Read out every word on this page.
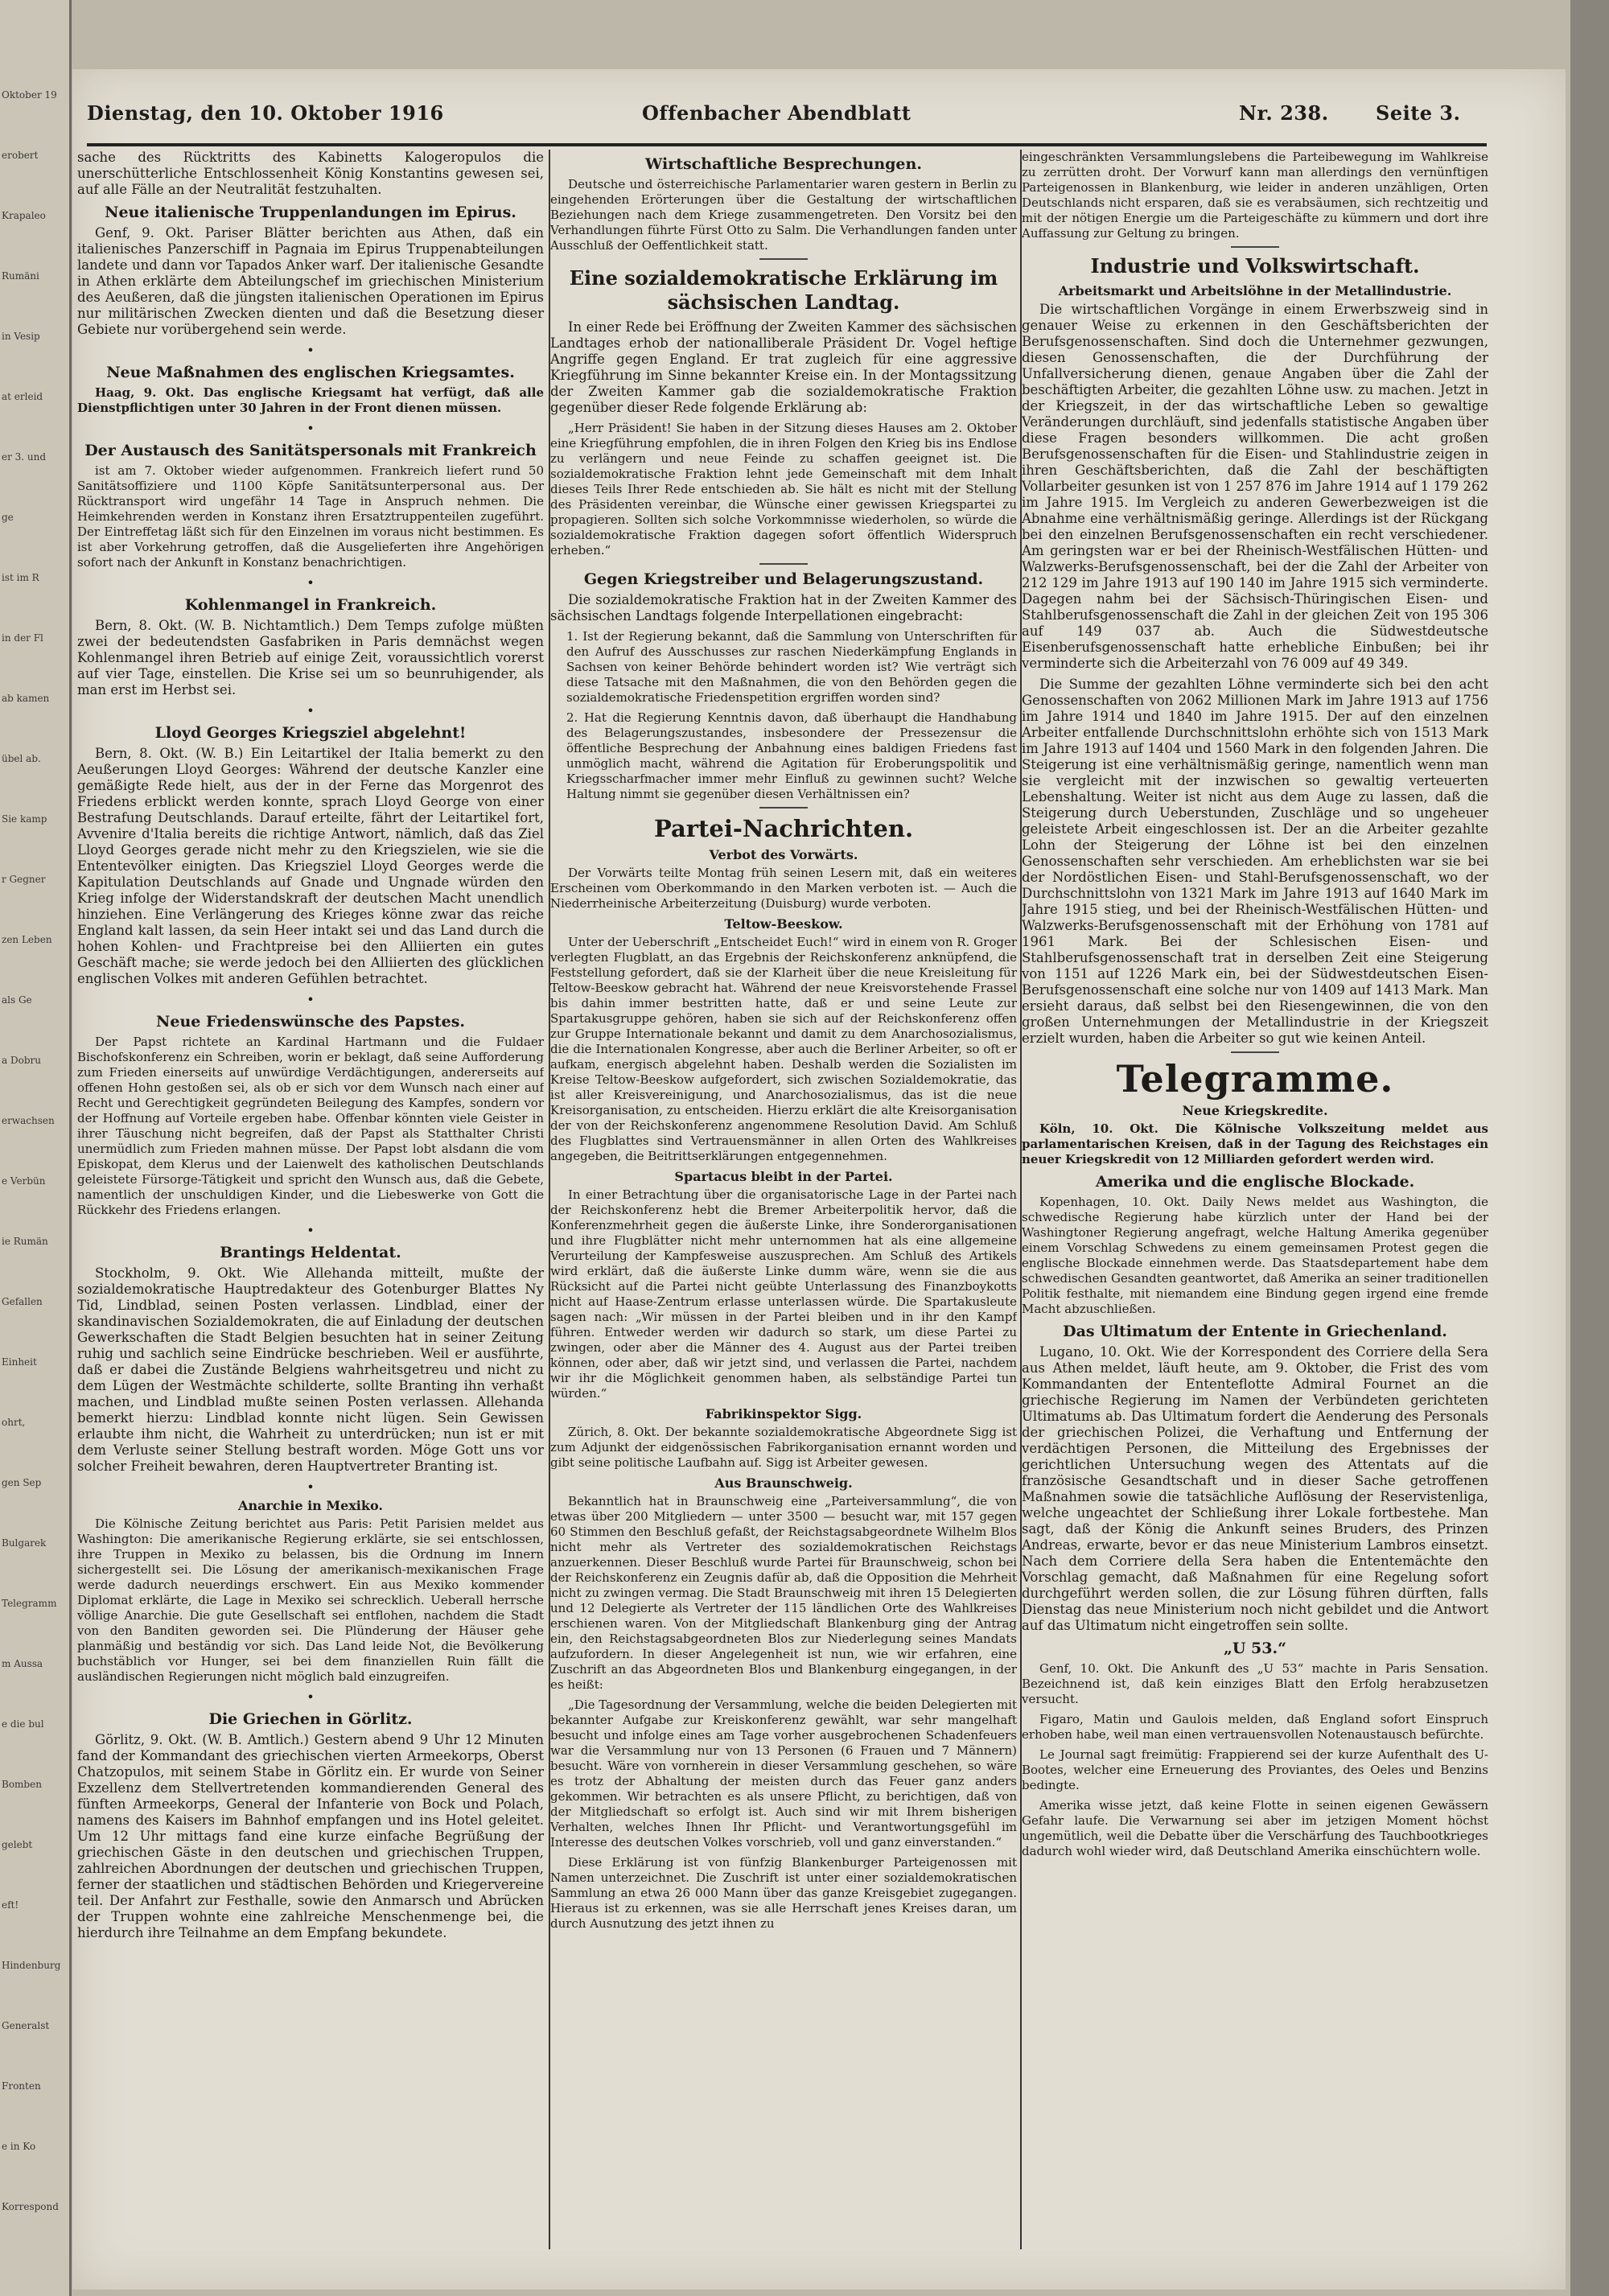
Oktober 19
erobert
Krapaleo
Rumäni
in Vesip
at erleid
er 3. und
ge
ist im R
in der Fl
ab kamen
übel ab.
Sie kamp
r Gegner
zen Leben
als Ge
a Dobru
erwachsen
e Verbün
ie Rumän
Gefallen
Einheit
ohrt,
gen Sep
Bulgarek
Telegramm
m Aussa
e die bul
Bomben
gelebt
eft!
Hindenburg
Generalst
Fronten
e in Ko
Korrespond
Dienstag, den 10. Oktober 1916	Offenbacher Abendblatt	Nr. 238. Seite 3.

sache des Rücktritts des Kabinetts Kalogeropulos die unerschütterliche Entschlossenheit König Konstantins gewesen sei, auf alle Fälle an der Neutralität festzuhalten.

Neue italienische Truppenlandungen im Epirus.

Genf, 9. Okt. Pariser Blätter berichten aus Athen, daß ein italienisches Panzerschiff in Pagnaia im Epirus Truppenabteilungen landete und dann vor Tapados Anker warf. Der italienische Gesandte in Athen erklärte dem Abteilungschef im griechischen Ministerium des Aeußeren, daß die jüngsten italienischen Operationen im Epirus nur militärischen Zwecken dienten und daß die Besetzung dieser Gebiete nur vorübergehend sein werde.

•
Neue Maßnahmen des englischen Kriegsamtes.

Haag, 9. Okt. Das englische Kriegsamt hat verfügt, daß alle Dienstpflichtigen unter 30 Jahren in der Front dienen müssen.

•
Der Austausch des Sanitätspersonals mit Frankreich

ist am 7. Oktober wieder aufgenommen. Frankreich liefert rund 50 Sanitätsoffiziere und 1100 Köpfe Sanitätsunterpersonal aus. Der Rücktransport wird ungefähr 14 Tage in Anspruch nehmen. Die Heimkehrenden werden in Konstanz ihren Ersatztruppenteilen zugeführt. Der Eintreffetag läßt sich für den Einzelnen im voraus nicht bestimmen. Es ist aber Vorkehrung getroffen, daß die Ausgelieferten ihre Angehörigen sofort nach der Ankunft in Konstanz benachrichtigen.

•
Kohlenmangel in Frankreich.

Bern, 8. Okt. (W. B. Nichtamtlich.) Dem Temps zufolge müßten zwei der bedeutendsten Gasfabriken in Paris demnächst wegen Kohlenmangel ihren Betrieb auf einige Zeit, voraussichtlich vorerst auf vier Tage, einstellen. Die Krise sei um so beunruhigender, als man erst im Herbst sei.

•
Lloyd Georges Kriegsziel abgelehnt!

Bern, 8. Okt. (W. B.) Ein Leitartikel der Italia bemerkt zu den Aeußerungen Lloyd Georges: Während der deutsche Kanzler eine gemäßigte Rede hielt, aus der in der Ferne das Morgenrot des Friedens erblickt werden konnte, sprach Lloyd George von einer Bestrafung Deutschlands. Darauf erteilte, fährt der Leitartikel fort, Avvenire d'Italia bereits die richtige Antwort, nämlich, daß das Ziel Lloyd Georges gerade nicht mehr zu den Kriegszielen, wie sie die Ententevölker einigten. Das Kriegsziel Lloyd Georges werde die Kapitulation Deutschlands auf Gnade und Ungnade würden den Krieg infolge der Widerstandskraft der deutschen Macht unendlich hinziehen. Eine Verlängerung des Krieges könne zwar das reiche England kalt lassen, da sein Heer intakt sei und das Land durch die hohen Kohlen- und Frachtpreise bei den Alliierten ein gutes Geschäft mache; sie werde jedoch bei den Alliierten des glücklichen englischen Volkes mit anderen Gefühlen betrachtet.

•
Neue Friedenswünsche des Papstes.

Der Papst richtete an Kardinal Hartmann und die Fuldaer Bischofskonferenz ein Schreiben, worin er beklagt, daß seine Aufforderung zum Frieden einerseits auf unwürdige Verdächtigungen, andererseits auf offenen Hohn gestoßen sei, als ob er sich vor dem Wunsch nach einer auf Recht und Gerechtigkeit gegründeten Beilegung des Kampfes, sondern vor der Hoffnung auf Vorteile ergeben habe. Offenbar könnten viele Geister in ihrer Täuschung nicht begreifen, daß der Papst als Statthalter Christi unermüdlich zum Frieden mahnen müsse. Der Papst lobt alsdann die vom Episkopat, dem Klerus und der Laienwelt des katholischen Deutschlands geleistete Fürsorge-Tätigkeit und spricht den Wunsch aus, daß die Gebete, namentlich der unschuldigen Kinder, und die Liebeswerke von Gott die Rückkehr des Friedens erlangen.

•
Brantings Heldentat.

Stockholm, 9. Okt. Wie Allehanda mitteilt, mußte der sozialdemokratische Hauptredakteur des Gotenburger Blattes Ny Tid, Lindblad, seinen Posten verlassen. Lindblad, einer der skandinavischen Sozialdemokraten, die auf Einladung der deutschen Gewerkschaften die Stadt Belgien besuchten hat in seiner Zeitung ruhig und sachlich seine Eindrücke beschrieben. Weil er ausführte, daß er dabei die Zustände Belgiens wahrheitsgetreu und nicht zu dem Lügen der Westmächte schilderte, sollte Branting ihn verhaßt machen, und Lindblad mußte seinen Posten verlassen. Allehanda bemerkt hierzu: Lindblad konnte nicht lügen. Sein Gewissen erlaubte ihm nicht, die Wahrheit zu unterdrücken; nun ist er mit dem Verluste seiner Stellung bestraft worden. Möge Gott uns vor solcher Freiheit bewahren, deren Hauptvertreter Branting ist.

•
Anarchie in Mexiko.

Die Kölnische Zeitung berichtet aus Paris: Petit Parisien meldet aus Washington: Die amerikanische Regierung erklärte, sie sei entschlossen, ihre Truppen in Mexiko zu belassen, bis die Ordnung im Innern sichergestellt sei. Die Lösung der amerikanisch-mexikanischen Frage werde dadurch neuerdings erschwert. Ein aus Mexiko kommender Diplomat erklärte, die Lage in Mexiko sei schrecklich. Ueberall herrsche völlige Anarchie. Die gute Gesellschaft sei entflohen, nachdem die Stadt von den Banditen geworden sei. Die Plünderung der Häuser gehe planmäßig und beständig vor sich. Das Land leide Not, die Bevölkerung buchstäblich vor Hunger, sei bei dem finanziellen Ruin fällt die ausländischen Regierungen nicht möglich bald einzugreifen.

•
Die Griechen in Görlitz.

Görlitz, 9. Okt. (W. B. Amtlich.) Gestern abend 9 Uhr 12 Minuten fand der Kommandant des griechischen vierten Armeekorps, Oberst Chatzopulos, mit seinem Stabe in Görlitz ein. Er wurde von Seiner Exzellenz dem Stellvertretenden kommandierenden General des fünften Armeekorps, General der Infanterie von Bock und Polach, namens des Kaisers im Bahnhof empfangen und ins Hotel geleitet. Um 12 Uhr mittags fand eine kurze einfache Begrüßung der griechischen Gäste in den deutschen und griechischen Truppen, zahlreichen Abordnungen der deutschen und griechischen Truppen, ferner der staatlichen und städtischen Behörden und Kriegervereine teil. Der Anfahrt zur Festhalle, sowie den Anmarsch und Abrücken der Truppen wohnte eine zahlreiche Menschenmenge bei, die hierdurch ihre Teilnahme an dem Empfang bekundete.

Wirtschaftliche Besprechungen.

Deutsche und österreichische Parlamentarier waren gestern in Berlin zu eingehenden Erörterungen über die Gestaltung der wirtschaftlichen Beziehungen nach dem Kriege zusammengetreten. Den Vorsitz bei den Verhandlungen führte Fürst Otto zu Salm. Die Verhandlungen fanden unter Ausschluß der Oeffentlichkeit statt.

Eine sozialdemokratische Erklärung im sächsischen Landtag.

In einer Rede bei Eröffnung der Zweiten Kammer des sächsischen Landtages erhob der nationalliberale Präsident Dr. Vogel heftige Angriffe gegen England. Er trat zugleich für eine aggressive Kriegführung im Sinne bekannter Kreise ein. In der Montagssitzung der Zweiten Kammer gab die sozialdemokratische Fraktion gegenüber dieser Rede folgende Erklärung ab:

„Herr Präsident! Sie haben in der Sitzung dieses Hauses am 2. Oktober eine Kriegführung empfohlen, die in ihren Folgen den Krieg bis ins Endlose zu verlängern und neue Feinde zu schaffen geeignet ist. Die sozialdemokratische Fraktion lehnt jede Gemeinschaft mit dem Inhalt dieses Teils Ihrer Rede entschieden ab. Sie hält es nicht mit der Stellung des Präsidenten vereinbar, die Wünsche einer gewissen Kriegspartei zu propagieren. Sollten sich solche Vorkommnisse wiederholen, so würde die sozialdemokratische Fraktion dagegen sofort öffentlich Widerspruch erheben.“

Gegen Kriegstreiber und Belagerungszustand.

Die sozialdemokratische Fraktion hat in der Zweiten Kammer des sächsischen Landtags folgende Interpellationen eingebracht:

1. Ist der Regierung bekannt, daß die Sammlung von Unterschriften für den Aufruf des Ausschusses zur raschen Niederkämpfung Englands in Sachsen von keiner Behörde behindert worden ist? Wie verträgt sich diese Tatsache mit den Maßnahmen, die von den Behörden gegen die sozialdemokratische Friedenspetition ergriffen worden sind?

2. Hat die Regierung Kenntnis davon, daß überhaupt die Handhabung des Belagerungszustandes, insbesondere der Pressezensur die öffentliche Besprechung der Anbahnung eines baldigen Friedens fast unmöglich macht, während die Agitation für Eroberungspolitik und Kriegsscharfmacher immer mehr Einfluß zu gewinnen sucht? Welche Haltung nimmt sie gegenüber diesen Verhältnissen ein?

Partei-Nachrichten.
Verbot des Vorwärts.

Der Vorwärts teilte Montag früh seinen Lesern mit, daß ein weiteres Erscheinen vom Oberkommando in den Marken verboten ist. — Auch die Niederrheinische Arbeiterzeitung (Duisburg) wurde verboten.

Teltow-Beeskow.

Unter der Ueberschrift „Entscheidet Euch!“ wird in einem von R. Groger verlegten Flugblatt, an das Ergebnis der Reichskonferenz anknüpfend, die Feststellung gefordert, daß sie der Klarheit über die neue Kreisleitung für Teltow-Beeskow gebracht hat. Während der neue Kreisvorstehende Frassel bis dahin immer bestritten hatte, daß er und seine Leute zur Spartakusgruppe gehören, haben sie sich auf der Reichskonferenz offen zur Gruppe Internationale bekannt und damit zu dem Anarchosozialismus, die die Internationalen Kongresse, aber auch die Berliner Arbeiter, so oft er aufkam, energisch abgelehnt haben. Deshalb werden die Sozialisten im Kreise Teltow-Beeskow aufgefordert, sich zwischen Sozialdemokratie, das ist aller Kreisvereinigung, und Anarchosozialismus, das ist die neue Kreisorganisation, zu entscheiden. Hierzu erklärt die alte Kreisorganisation der von der Reichskonferenz angenommene Resolution David. Am Schluß des Flugblattes sind Vertrauensmänner in allen Orten des Wahlkreises angegeben, die Beitrittserklärungen entgegennehmen.

Spartacus bleibt in der Partei.

In einer Betrachtung über die organisatorische Lage in der Partei nach der Reichskonferenz hebt die Bremer Arbeiterpolitik hervor, daß die Konferenzmehrheit gegen die äußerste Linke, ihre Sonderorganisationen und ihre Flugblätter nicht mehr unternommen hat als eine allgemeine Verurteilung der Kampfesweise auszusprechen. Am Schluß des Artikels wird erklärt, daß die äußerste Linke dumm wäre, wenn sie die aus Rücksicht auf die Partei nicht geübte Unterlassung des Finanzboykotts nicht auf Haase-Zentrum erlasse unterlassen würde. Die Spartakusleute sagen nach: „Wir müssen in der Partei bleiben und in ihr den Kampf führen. Entweder werden wir dadurch so stark, um diese Partei zu zwingen, oder aber die Männer des 4. August aus der Partei treiben können, oder aber, daß wir jetzt sind, und verlassen die Partei, nachdem wir ihr die Möglichkeit genommen haben, als selbständige Partei tun würden.“

Fabrikinspektor Sigg.

Zürich, 8. Okt. Der bekannte sozialdemokratische Abgeordnete Sigg ist zum Adjunkt der eidgenössischen Fabrikorganisation ernannt worden und gibt seine politische Laufbahn auf. Sigg ist Arbeiter gewesen.

Aus Braunschweig.

Bekanntlich hat in Braunschweig eine „Parteiversammlung“, die von etwas über 200 Mitgliedern — unter 3500 — besucht war, mit 157 gegen 60 Stimmen den Beschluß gefaßt, der Reichstagsabgeordnete Wilhelm Blos nicht mehr als Vertreter des sozialdemokratischen Reichstags anzuerkennen. Dieser Beschluß wurde Partei für Braunschweig, schon bei der Reichskonferenz ein Zeugnis dafür ab, daß die Opposition die Mehrheit nicht zu zwingen vermag. Die Stadt Braunschweig mit ihren 15 Delegierten und 12 Delegierte als Vertreter der 115 ländlichen Orte des Wahlkreises erschienen waren. Von der Mitgliedschaft Blankenburg ging der Antrag ein, den Reichstagsabgeordneten Blos zur Niederlegung seines Mandats aufzufordern. In dieser Angelegenheit ist nun, wie wir erfahren, eine Zuschrift an das Abgeordneten Blos und Blankenburg eingegangen, in der es heißt:

„Die Tagesordnung der Versammlung, welche die beiden Delegierten mit bekannter Aufgabe zur Kreiskonferenz gewählt, war sehr mangelhaft besucht und infolge eines am Tage vorher ausgebrochenen Schadenfeuers war die Versammlung nur von 13 Personen (6 Frauen und 7 Männern) besucht. Wäre von vornherein in dieser Versammlung geschehen, so wäre es trotz der Abhaltung der meisten durch das Feuer ganz anders gekommen. Wir betrachten es als unsere Pflicht, zu berichtigen, daß von der Mitgliedschaft so erfolgt ist. Auch sind wir mit Ihrem bisherigen Verhalten, welches Ihnen Ihr Pflicht- und Verantwortungsgefühl im Interesse des deutschen Volkes vorschrieb, voll und ganz einverstanden.“

Diese Erklärung ist von fünfzig Blankenburger Parteigenossen mit Namen unterzeichnet. Die Zuschrift ist unter einer sozialdemokratischen Sammlung an etwa 26 000 Mann über das ganze Kreisgebiet zugegangen. Hieraus ist zu erkennen, was sie alle Herrschaft jenes Kreises daran, um durch Ausnutzung des jetzt ihnen zu

eingeschränkten Versammlungslebens die Parteibewegung im Wahlkreise zu zerrütten droht. Der Vorwurf kann man allerdings den vernünftigen Parteigenossen in Blankenburg, wie leider in anderen unzähligen, Orten Deutschlands nicht ersparen, daß sie es verabsäumen, sich rechtzeitig und mit der nötigen Energie um die Parteigeschäfte zu kümmern und dort ihre Auffassung zur Geltung zu bringen.

Industrie und Volkswirtschaft.
Arbeitsmarkt und Arbeitslöhne in der Metallindustrie.

Die wirtschaftlichen Vorgänge in einem Erwerbszweig sind in genauer Weise zu erkennen in den Geschäftsberichten der Berufsgenossenschaften. Sind doch die Unternehmer gezwungen, diesen Genossenschaften, die der Durchführung der Unfallversicherung dienen, genaue Angaben über die Zahl der beschäftigten Arbeiter, die gezahlten Löhne usw. zu machen. Jetzt in der Kriegszeit, in der das wirtschaftliche Leben so gewaltige Veränderungen durchläuft, sind jedenfalls statistische Angaben über diese Fragen besonders willkommen. Die acht großen Berufsgenossenschaften für die Eisen- und Stahlindustrie zeigen in ihren Geschäftsberichten, daß die Zahl der beschäftigten Vollarbeiter gesunken ist von 1 257 876 im Jahre 1914 auf 1 179 262 im Jahre 1915. Im Vergleich zu anderen Gewerbezweigen ist die Abnahme eine verhältnismäßig geringe. Allerdings ist der Rückgang bei den einzelnen Berufsgenossenschaften ein recht verschiedener. Am geringsten war er bei der Rheinisch-Westfälischen Hütten- und Walzwerks-Berufsgenossenschaft, bei der die Zahl der Arbeiter von 212 129 im Jahre 1913 auf 190 140 im Jahre 1915 sich verminderte. Dagegen nahm bei der Sächsisch-Thüringischen Eisen- und Stahlberufsgenossenschaft die Zahl in der gleichen Zeit von 195 306 auf 149 037 ab. Auch die Südwestdeutsche Eisenberufsgenossenschaft hatte erhebliche Einbußen; bei ihr verminderte sich die Arbeiterzahl von 76 009 auf 49 349.

Die Summe der gezahlten Löhne verminderte sich bei den acht Genossenschaften von 2062 Millionen Mark im Jahre 1913 auf 1756 im Jahre 1914 und 1840 im Jahre 1915. Der auf den einzelnen Arbeiter entfallende Durchschnittslohn erhöhte sich von 1513 Mark im Jahre 1913 auf 1404 und 1560 Mark in den folgenden Jahren. Die Steigerung ist eine verhältnismäßig geringe, namentlich wenn man sie vergleicht mit der inzwischen so gewaltig verteuerten Lebenshaltung. Weiter ist nicht aus dem Auge zu lassen, daß die Steigerung durch Ueberstunden, Zuschläge und so ungeheuer geleistete Arbeit eingeschlossen ist. Der an die Arbeiter gezahlte Lohn der Steigerung der Löhne ist bei den einzelnen Genossenschaften sehr verschieden. Am erheblichsten war sie bei der Nordöstlichen Eisen- und Stahl-Berufsgenossenschaft, wo der Durchschnittslohn von 1321 Mark im Jahre 1913 auf 1640 Mark im Jahre 1915 stieg, und bei der Rheinisch-Westfälischen Hütten- und Walzwerks-Berufsgenossenschaft mit der Erhöhung von 1781 auf 1961 Mark. Bei der Schlesischen Eisen- und Stahlberufsgenossenschaft trat in derselben Zeit eine Steigerung von 1151 auf 1226 Mark ein, bei der Südwestdeutschen Eisen-Berufsgenossenschaft eine solche nur von 1409 auf 1413 Mark. Man ersieht daraus, daß selbst bei den Riesengewinnen, die von den großen Unternehmungen der Metallindustrie in der Kriegszeit erzielt wurden, haben die Arbeiter so gut wie keinen Anteil.

Telegramme.
Neue Kriegskredite.

Köln, 10. Okt. Die Kölnische Volkszeitung meldet aus parlamentarischen Kreisen, daß in der Tagung des Reichstages ein neuer Kriegskredit von 12 Milliarden gefordert werden wird.

Amerika und die englische Blockade.

Kopenhagen, 10. Okt. Daily News meldet aus Washington, die schwedische Regierung habe kürzlich unter der Hand bei der Washingtoner Regierung angefragt, welche Haltung Amerika gegenüber einem Vorschlag Schwedens zu einem gemeinsamen Protest gegen die englische Blockade einnehmen werde. Das Staatsdepartement habe dem schwedischen Gesandten geantwortet, daß Amerika an seiner traditionellen Politik festhalte, mit niemandem eine Bindung gegen irgend eine fremde Macht abzuschließen.

Das Ultimatum der Entente in Griechenland.

Lugano, 10. Okt. Wie der Korrespondent des Corriere della Sera aus Athen meldet, läuft heute, am 9. Oktober, die Frist des vom Kommandanten der Ententeflotte Admiral Fournet an die griechische Regierung im Namen der Verbündeten gerichteten Ultimatums ab. Das Ultimatum fordert die Aenderung des Personals der griechischen Polizei, die Verhaftung und Entfernung der verdächtigen Personen, die Mitteilung des Ergebnisses der gerichtlichen Untersuchung wegen des Attentats auf die französische Gesandtschaft und in dieser Sache getroffenen Maßnahmen sowie die tatsächliche Auflösung der Reservistenliga, welche ungeachtet der Schließung ihrer Lokale fortbestehe. Man sagt, daß der König die Ankunft seines Bruders, des Prinzen Andreas, erwarte, bevor er das neue Ministerium Lambros einsetzt. Nach dem Corriere della Sera haben die Ententemächte den Vorschlag gemacht, daß Maßnahmen für eine Regelung sofort durchgeführt werden sollen, die zur Lösung führen dürften, falls Dienstag das neue Ministerium noch nicht gebildet und die Antwort auf das Ultimatum nicht eingetroffen sein sollte.

„U 53.“

Genf, 10. Okt. Die Ankunft des „U 53“ machte in Paris Sensation. Bezeichnend ist, daß kein einziges Blatt den Erfolg herabzusetzen versucht.

Figaro, Matin und Gaulois melden, daß England sofort Einspruch erhoben habe, weil man einen vertrauensvollen Notenaustausch befürchte.

Le Journal sagt freimütig: Frappierend sei der kurze Aufenthalt des U-Bootes, welcher eine Erneuerung des Proviantes, des Oeles und Benzins bedingte.

Amerika wisse jetzt, daß keine Flotte in seinen eigenen Gewässern Gefahr laufe. Die Verwarnung sei aber im jetzigen Moment höchst ungemütlich, weil die Debatte über die Verschärfung des Tauchbootkrieges dadurch wohl wieder wird, daß Deutschland Amerika einschüchtern wolle.
